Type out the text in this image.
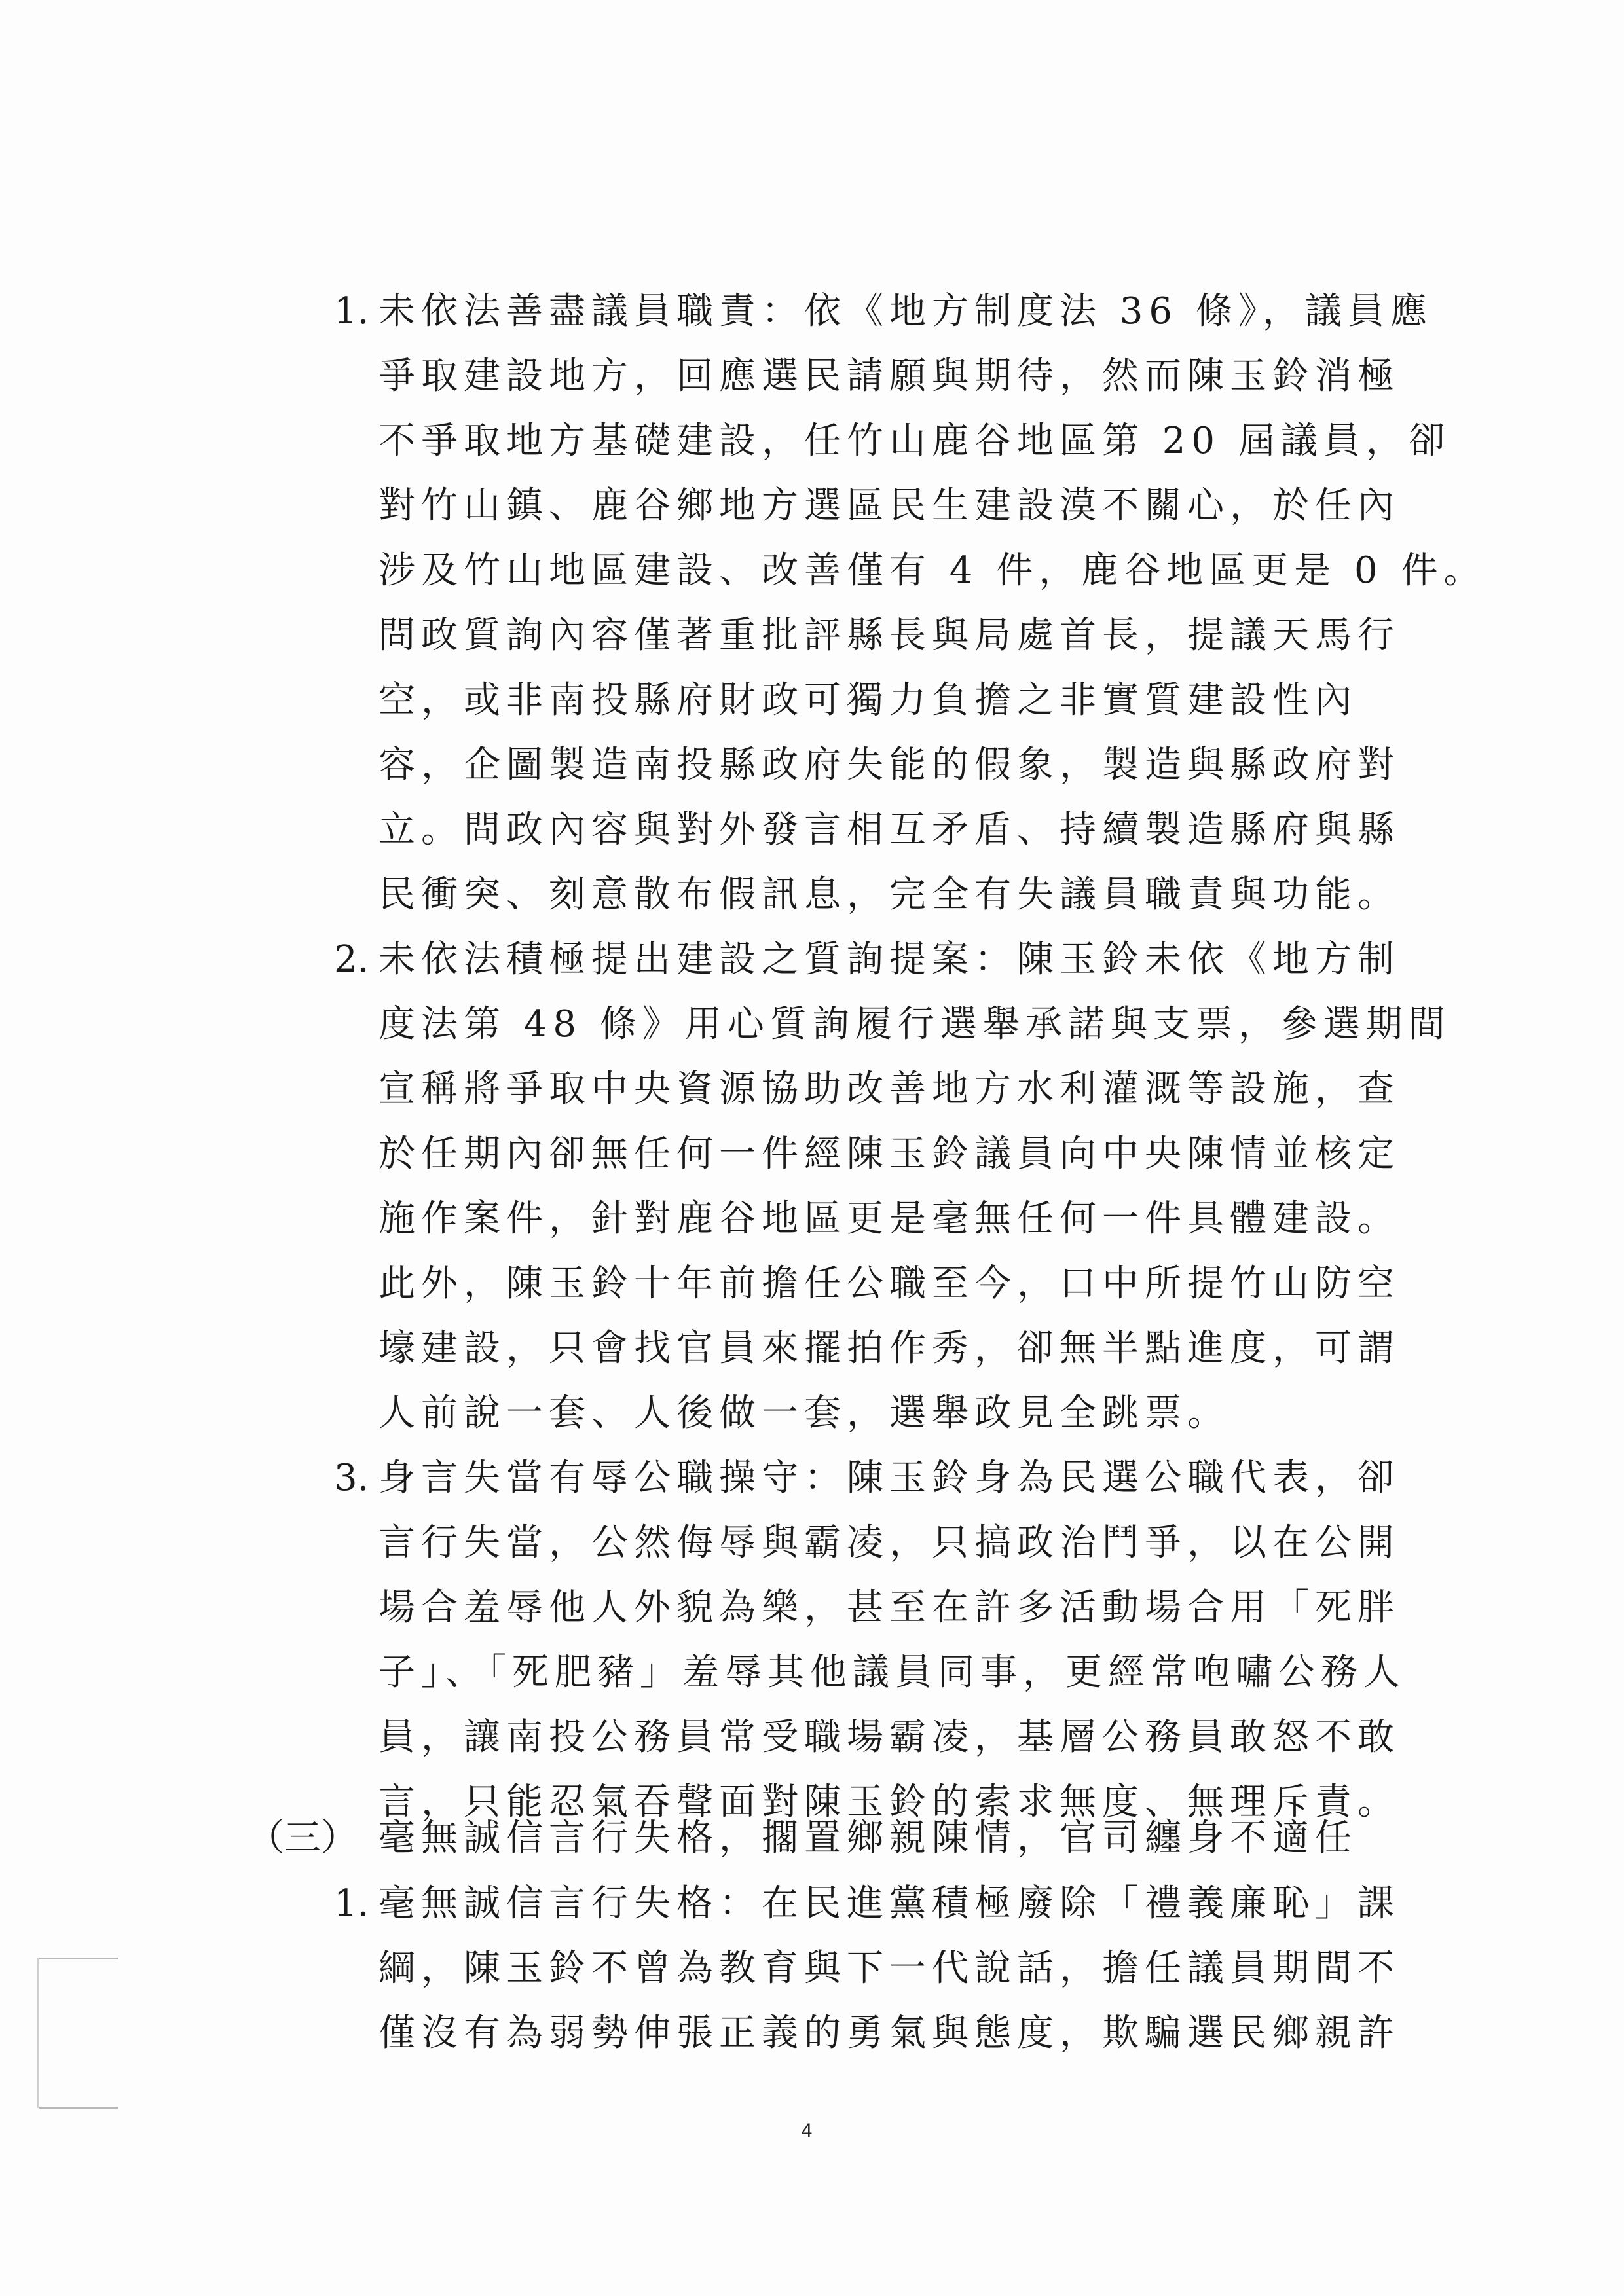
1. 未依法善盡議員職責：依《地方制度法 36 條》，議員應
爭取建設地方，回應選民請願與期待，然而陳玉鈴消極
不爭取地方基礎建設，任竹山鹿谷地區第 20 屆議員，卻
對竹山鎮、鹿谷鄉地方選區民生建設漠不關心，於任內
涉及竹山地區建設、改善僅有 4 件，鹿谷地區更是 0 件。
問政質詢內容僅著重批評縣長與局處首長，提議天馬行
空，或非南投縣府財政可獨力負擔之非實質建設性內
容，企圖製造南投縣政府失能的假象，製造與縣政府對
立。問政內容與對外發言相互矛盾、持續製造縣府與縣
民衝突、刻意散布假訊息，完全有失議員職責與功能。
2. 未依法積極提出建設之質詢提案：陳玉鈴未依《地方制
度法第 48 條》用心質詢履行選舉承諾與支票，參選期間
宣稱將爭取中央資源協助改善地方水利灌溉等設施，查
於任期內卻無任何一件經陳玉鈴議員向中央陳情並核定
施作案件，針對鹿谷地區更是毫無任何一件具體建設。
此外，陳玉鈴十年前擔任公職至今，口中所提竹山防空
壕建設，只會找官員來擺拍作秀，卻無半點進度，可謂
人前說一套、人後做一套，選舉政見全跳票。
3. 身言失當有辱公職操守：陳玉鈴身為民選公職代表，卻
言行失當，公然侮辱與霸凌，只搞政治鬥爭，以在公開
場合羞辱他人外貌為樂，甚至在許多活動場合用「死胖
子」、「死肥豬」羞辱其他議員同事，更經常咆嘯公務人
員，讓南投公務員常受職場霸凌，基層公務員敢怒不敢
言，只能忍氣吞聲面對陳玉鈴的索求無度、無理斥責。
（三） 毫無誠信言行失格，擱置鄉親陳情，官司纏身不適任
1. 毫無誠信言行失格：在民進黨積極廢除「禮義廉恥」課
綱，陳玉鈴不曾為教育與下一代說話，擔任議員期間不
僅沒有為弱勢伸張正義的勇氣與態度，欺騙選民鄉親許
4
